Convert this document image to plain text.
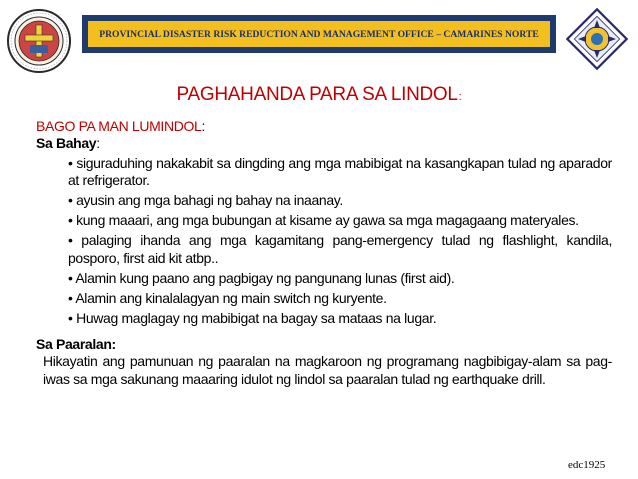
PROVINCIAL DISASTER RISK REDUCTION AND MANAGEMENT OFFICE – CAMARINES NORTE
PAGHAHANDA PARA SA LINDOL:

BAGO PA MAN LUMINDOL:

Sa Bahay:

• siguraduhing nakakabit sa dingding ang mga mabibigat na kasangkapan tulad ng aparador at refrigerator.
• ayusin ang mga bahagi ng bahay na inaanay.
• kung maaari, ang mga bubungan at kisame ay gawa sa mga magagaang materyales.
• palaging ihanda ang mga kagamitang pang-emergency tulad ng flashlight, kandila, posporo, first aid kit atbp..
• Alamin kung paano ang pagbigay ng pangunang lunas (first aid).
• Alamin ang kinalalagyan ng main switch ng kuryente.
• Huwag maglagay ng mabibigat na bagay sa mataas na lugar.

Sa Paaralan:

Hikayatin ang pamunuan ng paaralan na magkaroon ng programang nagbibigay-alam sa pag-iwas sa mga sakunang maaaring idulot ng lindol sa paaralan tulad ng earthquake drill.

edc1925
